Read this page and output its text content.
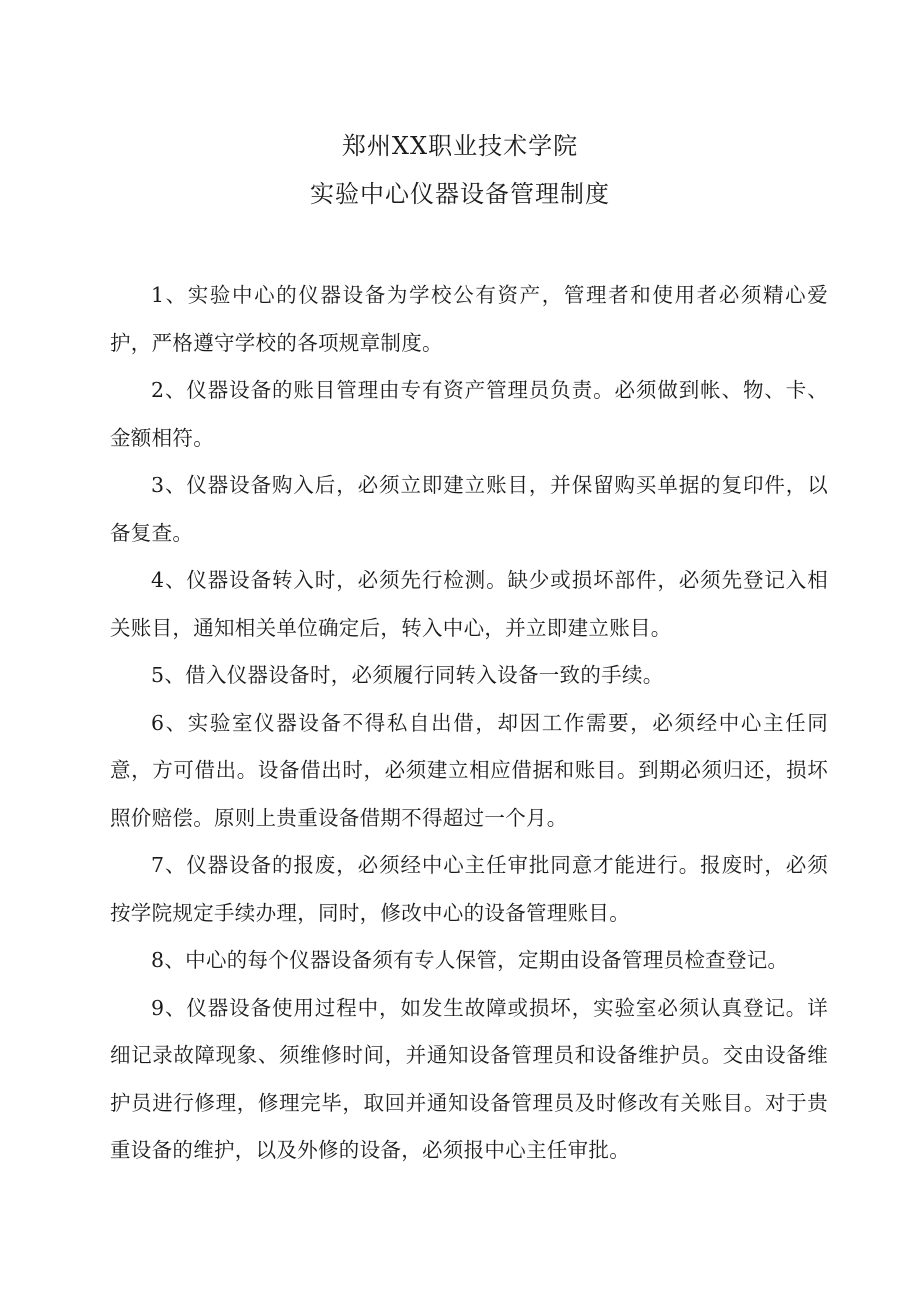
郑州XX职业技术学院
实验中心仪器设备管理制度

1、实验中心的仪器设备为学校公有资产，管理者和使用者必须精心爱护，严格遵守学校的各项规章制度。

2、仪器设备的账目管理由专有资产管理员负责。必须做到帐、物、卡、金额相符。

3、仪器设备购入后，必须立即建立账目，并保留购买单据的复印件，以备复查。

4、仪器设备转入时，必须先行检测。缺少或损坏部件，必须先登记入相关账目，通知相关单位确定后，转入中心，并立即建立账目。

5、借入仪器设备时，必须履行同转入设备一致的手续。

6、实验室仪器设备不得私自出借，却因工作需要，必须经中心主任同意，方可借出。设备借出时，必须建立相应借据和账目。到期必须归还，损坏照价赔偿。原则上贵重设备借期不得超过一个月。

7、仪器设备的报废，必须经中心主任审批同意才能进行。报废时，必须按学院规定手续办理，同时，修改中心的设备管理账目。

8、中心的每个仪器设备须有专人保管，定期由设备管理员检查登记。

9、仪器设备使用过程中，如发生故障或损坏，实验室必须认真登记。详细记录故障现象、须维修时间，并通知设备管理员和设备维护员。交由设备维护员进行修理，修理完毕，取回并通知设备管理员及时修改有关账目。对于贵重设备的维护，以及外修的设备，必须报中心主任审批。
